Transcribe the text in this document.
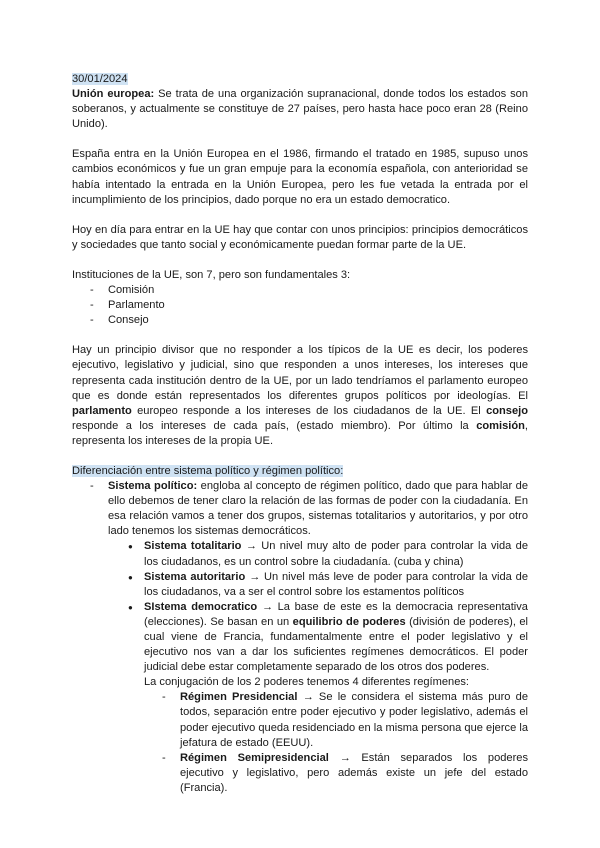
30/01/2024

Unión europea: Se trata de una organización supranacional, donde todos los estados son soberanos, y actualmente se constituye de 27 países, pero hasta hace poco eran 28 (Reino Unido).

España entra en la Unión Europea en el 1986, firmando el tratado en 1985, supuso unos cambios económicos y fue un gran empuje para la economía española, con anterioridad se había intentado la entrada en la Unión Europea, pero les fue vetada la entrada por el incumplimiento de los principios, dado porque no era un estado democratico.

Hoy en día para entrar en la UE hay que contar con unos principios: principios democráticos y sociedades que tanto social y económicamente puedan formar parte de la UE.

Instituciones de la UE, son 7, pero son fundamentales 3:

- Comisión
- Parlamento
- Consejo

Hay un principio divisor que no responder a los típicos de la UE es decir, los poderes ejecutivo, legislativo y judicial, sino que responden a unos intereses, los intereses que representa cada institución dentro de la UE, por un lado tendríamos el parlamento europeo que es donde están representados los diferentes grupos políticos por ideologías. El parlamento europeo responde a los intereses de los ciudadanos de la UE. El consejo responde a los intereses de cada país, (estado miembro). Por último la comisión, representa los intereses de la propia UE.

Diferenciación entre sistema político y régimen político:

- Sistema político: engloba al concepto de régimen político, dado que para hablar de ello debemos de tener claro la relación de las formas de poder con la ciudadanía. En esa relación vamos a tener dos grupos, sistemas totalitarios y autoritarios, y por otro lado tenemos los sistemas democráticos.
● Sistema totalitario → Un nivel muy alto de poder para controlar la vida de los ciudadanos, es un control sobre la ciudadanía. (cuba y china)
● Sistema autoritario → Un nivel más leve de poder para controlar la vida de los ciudadanos, va a ser el control sobre los estamentos políticos
● SIstema democratico → La base de este es la democracia representativa (elecciones). Se basan en un equilibrio de poderes (división de poderes), el cual viene de Francia, fundamentalmente entre el poder legislativo y el ejecutivo nos van a dar los suficientes regímenes democráticos. El poder judicial debe estar completamente separado de los otros dos poderes.
La conjugación de los 2 poderes tenemos 4 diferentes regímenes:
- Régimen Presidencial → Se le considera el sistema más puro de todos, separación entre poder ejecutivo y poder legislativo, además el poder ejecutivo queda residenciado en la misma persona que ejerce la jefatura de estado (EEUU).
- Régimen Semipresidencial → Están separados los poderes ejecutivo y legislativo, pero además existe un jefe del estado (Francia).
